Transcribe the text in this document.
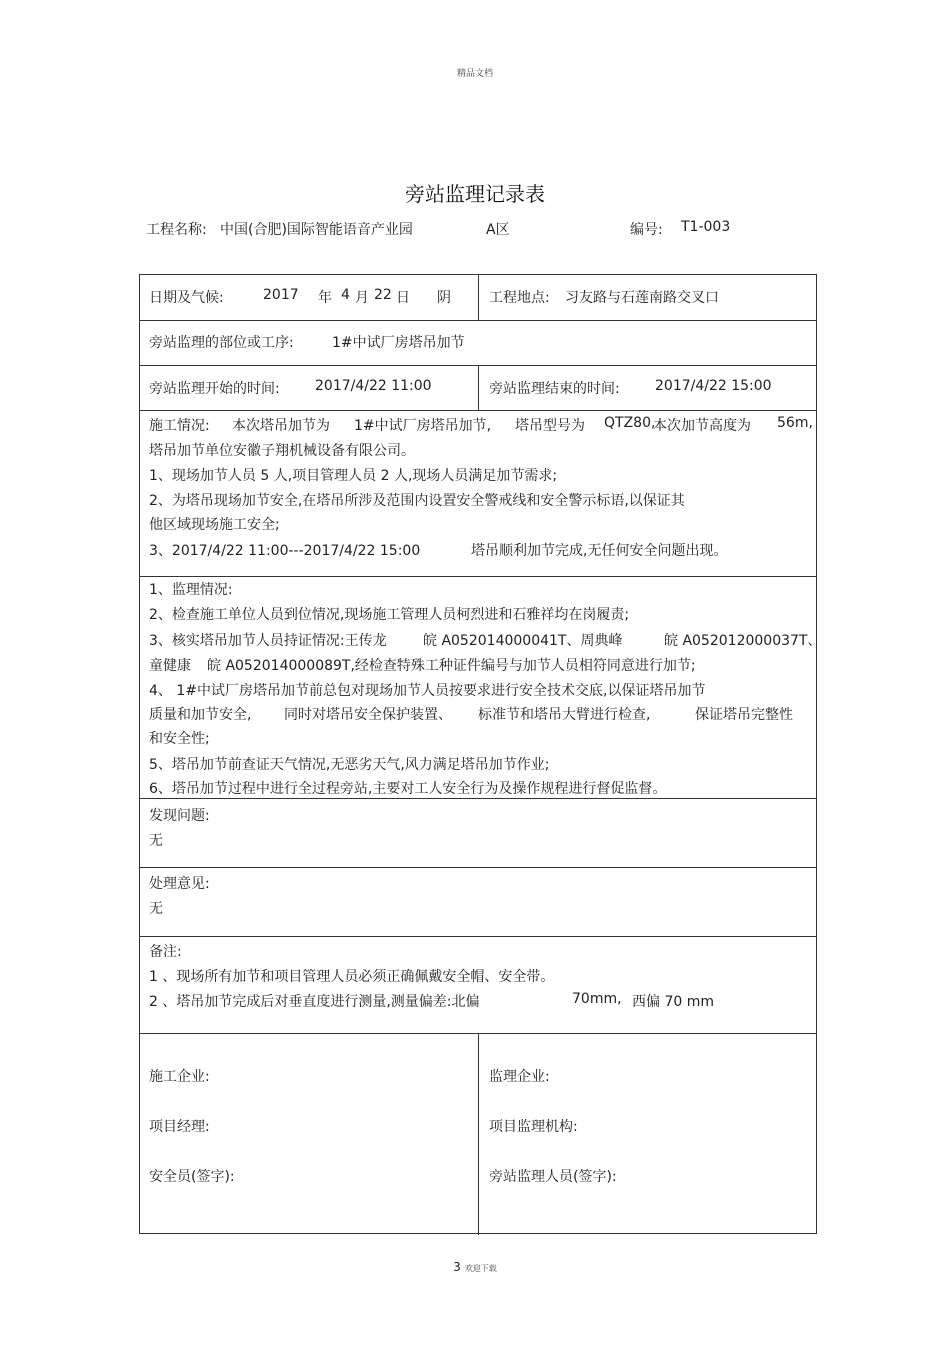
精品文档
旁站监理记录表
工程名称: 中国(合肥)国际智能语音产业园	A区	编号: T1-003
日期及气候:	2017 年 4 月 22 日 阴	工程地点: 习友路与石莲南路交叉口
旁站监理的部位或工序:	1#中试厂房塔吊加节
旁站监理开始的时间:	2017/4/22 11:00	旁站监理结束的时间:	2017/4/22 15:00
施工情况: 本次塔吊加节为 1#中试厂房塔吊加节, 塔吊型号为 QTZ80,
本次加节高度为 56m,
塔吊加节单位安徽子翔机械设备有限公司。
1、现场加节人员 5 人,项目管理人员 2 人,现场人员满足加节需求;
2、为塔吊现场加节安全,在塔吊所涉及范围内设置安全警戒线和安全警示标语,以保证其
他区域现场施工安全;
3、2017/4/22 11:00---2017/4/22 15:00	塔吊顺利加节完成,无任何安全问题出现。
1、监理情况:
2、检查施工单位人员到位情况,现场施工管理人员柯烈进和石雅祥均在岗履责;
3、核实塔吊加节人员持证情况:王传龙	皖 A052014000041T、周典峰	皖 A052012000037T、
童健康 皖 A052014000089T,经检查特殊工种证件编号与加节人员相符同意进行加节;
4、 1#中试厂房塔吊加节前总包对现场加节人员按要求进行安全技术交底,以保证塔吊加节
质量和加节安全, 同时对塔吊安全保护装置、 标准节和塔吊大臂进行检查,	保证塔吊完整性
和安全性;
5、塔吊加节前查证天气情况,无恶劣天气,风力满足塔吊加节作业;
6、塔吊加节过程中进行全过程旁站,主要对工人安全行为及操作规程进行督促监督。
发现问题:
无
处理意见:
无
备注:
1 、现场所有加节和项目管理人员必须正确佩戴安全帽、安全带。
2 、塔吊加节完成后对垂直度进行测量,测量偏差:北偏	70mm, 西偏 70 mm
施工企业:
项目经理:
安全员(签字):
监理企业:
项目监理机构:
旁站监理人员(签字):
3 欢迎下载
